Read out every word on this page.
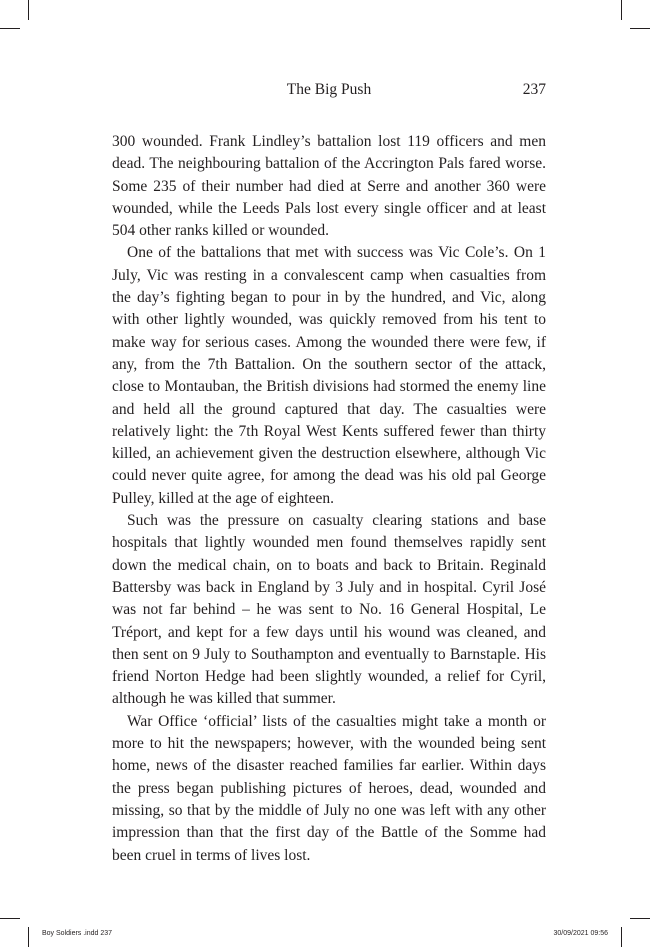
The Big Push	237

300 wounded. Frank Lindley’s battalion lost 119 officers and men dead. The neighbouring battalion of the Accrington Pals fared worse. Some 235 of their number had died at Serre and another 360 were wounded, while the Leeds Pals lost every single officer and at least 504 other ranks killed or wounded.

One of the battalions that met with success was Vic Cole’s. On 1 July, Vic was resting in a convalescent camp when casualties from the day’s fighting began to pour in by the hundred, and Vic, along with other lightly wounded, was quickly removed from his tent to make way for serious cases. Among the wounded there were few, if any, from the 7th Battalion. On the southern sector of the attack, close to Montauban, the British divisions had stormed the enemy line and held all the ground captured that day. The casualties were relatively light: the 7th Royal West Kents suffered fewer than thirty killed, an achievement given the destruction elsewhere, although Vic could never quite agree, for among the dead was his old pal George Pulley, killed at the age of eighteen.

Such was the pressure on casualty clearing stations and base hospitals that lightly wounded men found themselves rapidly sent down the medical chain, on to boats and back to Britain. Reginald Battersby was back in England by 3 July and in hospital. Cyril José was not far behind – he was sent to No. 16 General Hospital, Le Tréport, and kept for a few days until his wound was cleaned, and then sent on 9 July to Southampton and eventually to Barnstaple. His friend Norton Hedge had been slightly wounded, a relief for Cyril, although he was killed that summer.

War Office ‘official’ lists of the casualties might take a month or more to hit the newspapers; however, with the wounded being sent home, news of the disaster reached families far earlier. Within days the press began publishing pictures of heroes, dead, wounded and missing, so that by the middle of July no one was left with any other impression than that the first day of the Battle of the Somme had been cruel in terms of lives lost.

Boy Soldiers .indd 237	30/09/2021 09:56
